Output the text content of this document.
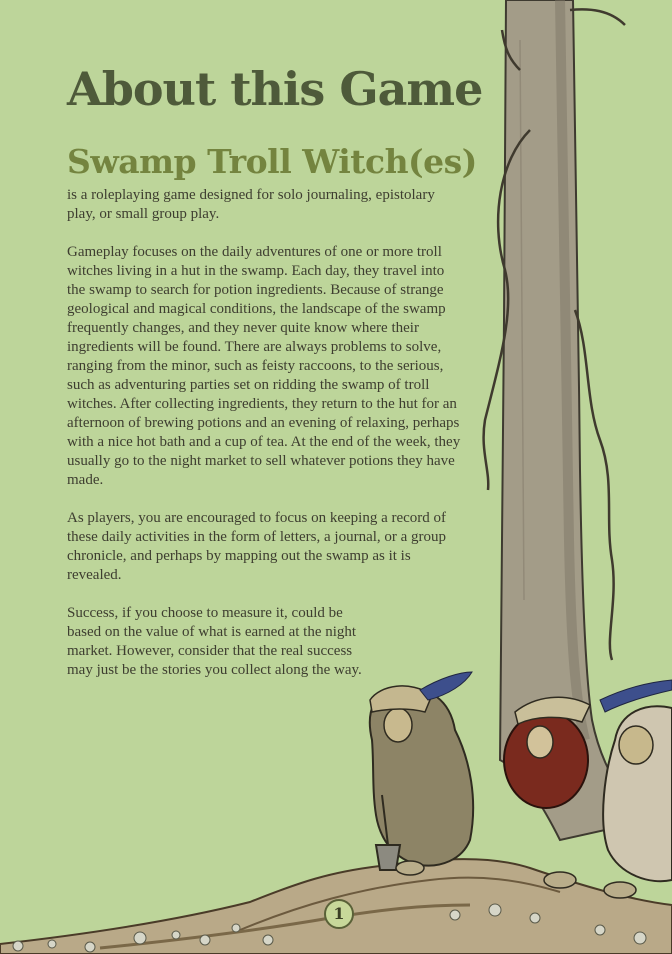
About this Game
Swamp Troll Witch(es)

is a roleplaying game designed for solo journaling, epistolary play, or small group play.

Gameplay focuses on the daily adventures of one or more troll witches living in a hut in the swamp. Each day, they travel into the swamp to search for potion ingredients. Because of strange geological and magical conditions, the landscape of the swamp frequently changes, and they never quite know where their ingredients will be found. There are always problems to solve, ranging from the minor, such as feisty raccoons, to the serious, such as adventuring parties set on ridding the swamp of troll witches. After collecting ingredients, they return to the hut for an afternoon of brewing potions and an evening of relaxing, perhaps with a nice hot bath and a cup of tea. At the end of the week, they usually go to the night market to sell whatever potions they have made.

As players, you are encouraged to focus on keeping a record of these daily activities in the form of letters, a journal, or a group chronicle, and perhaps by mapping out the swamp as it is revealed.

Success, if you choose to measure it, could be based on the value of what is earned at the night market. However, consider that the real success may just be the stories you collect along the way.

1
